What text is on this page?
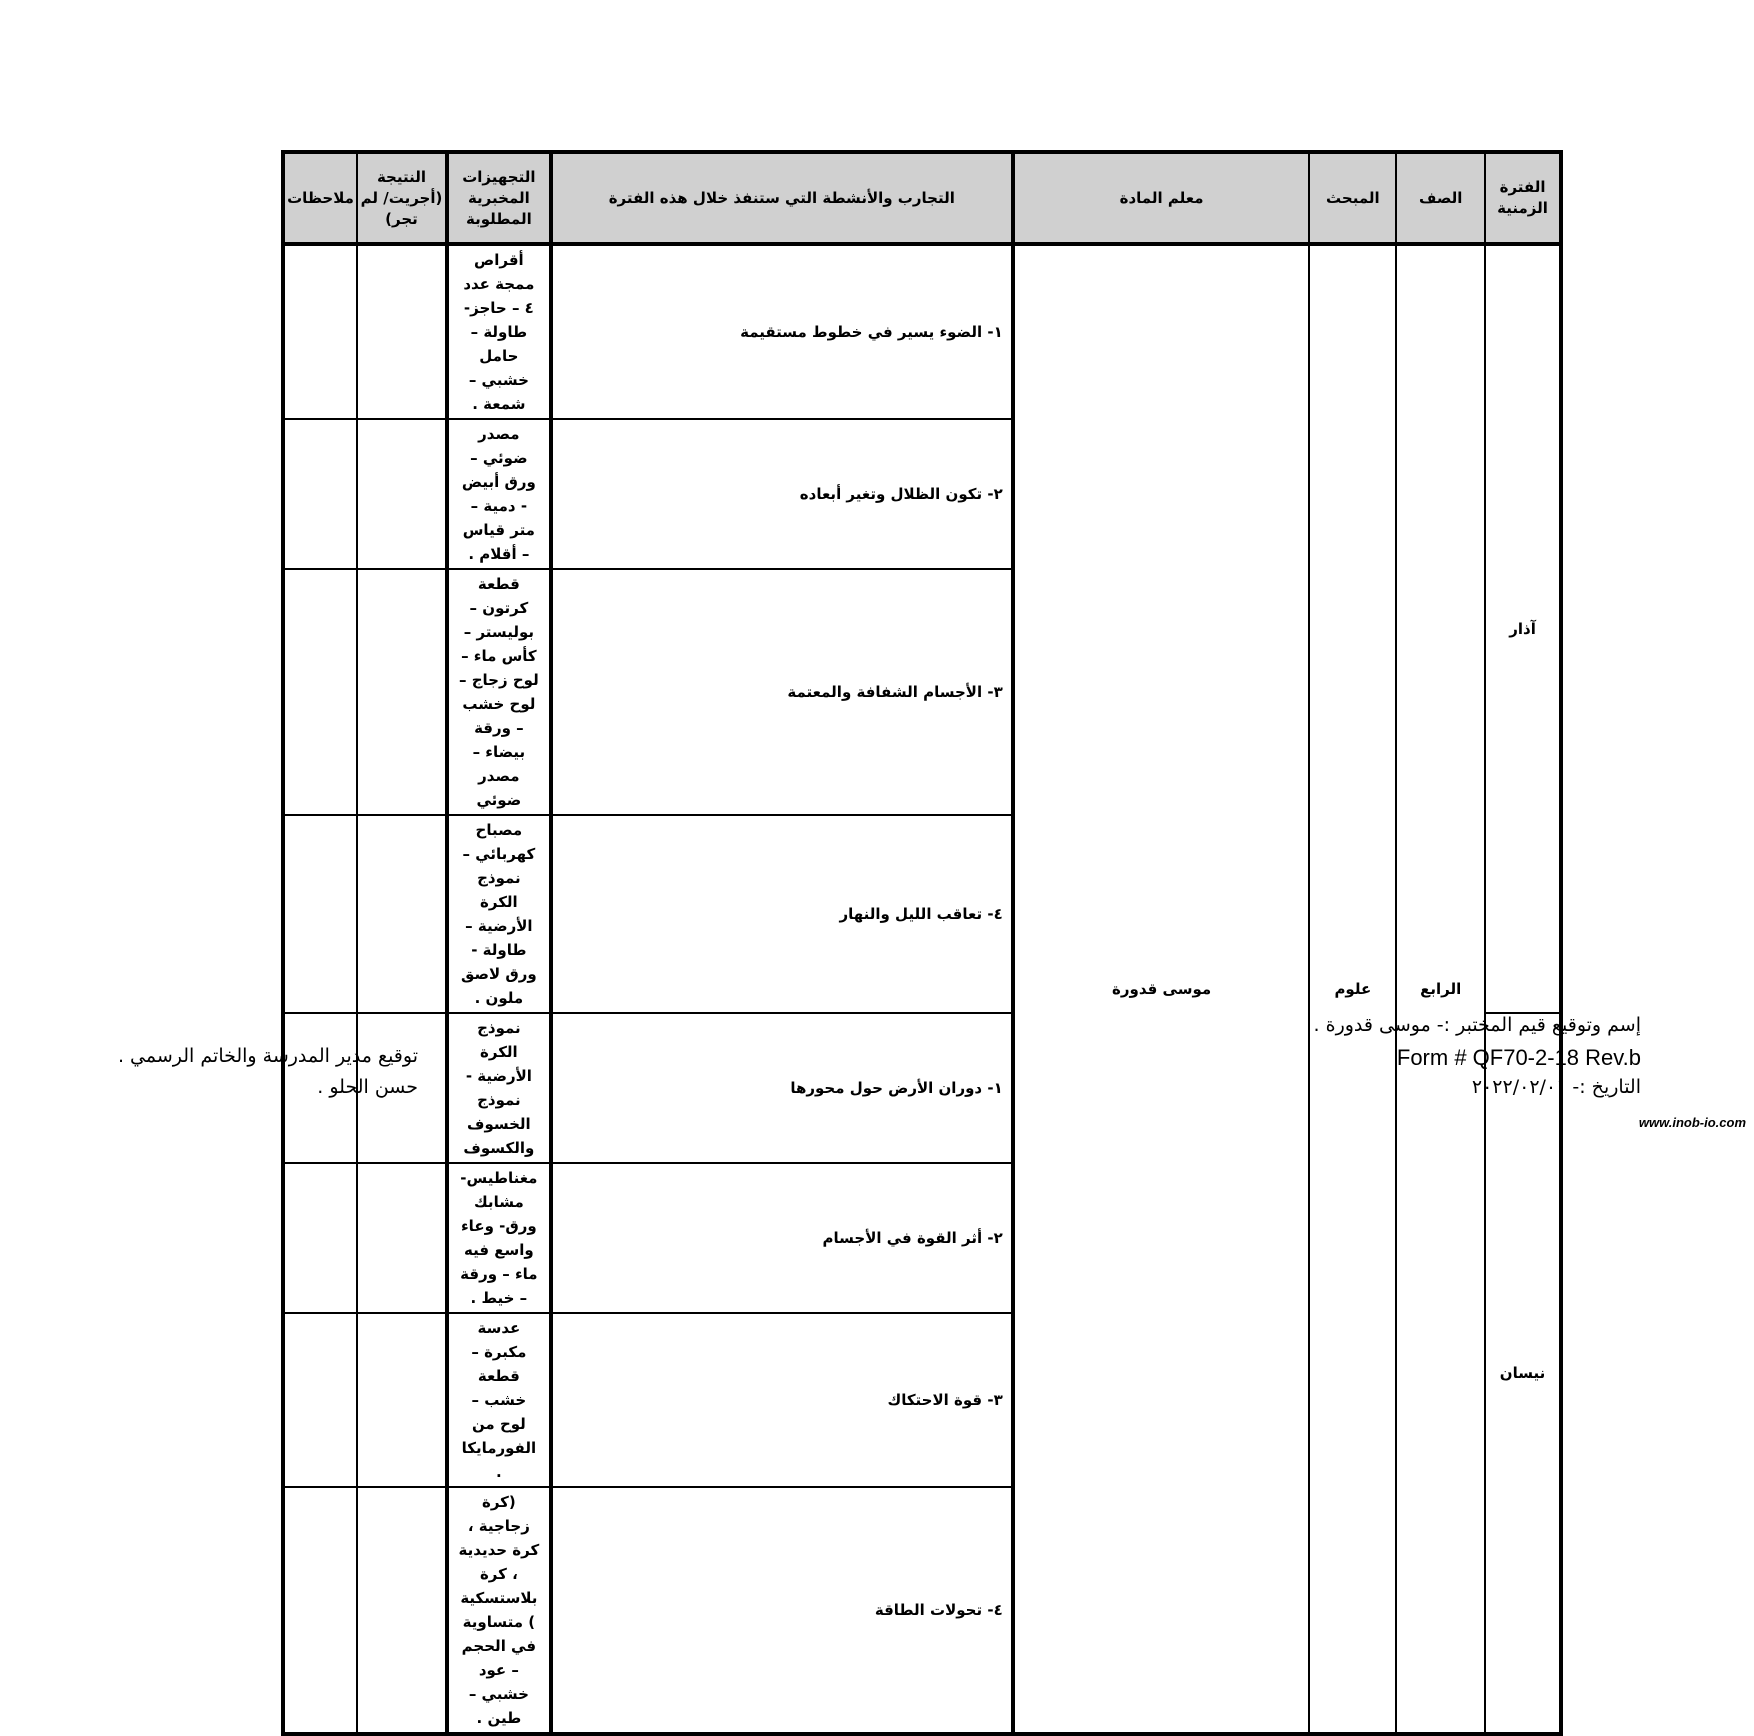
الفترة الزمنية	الصف	المبحث	معلم المادة	التجارب والأنشطة التي ستنفذ خلال هذه الفترة	التجهيزات المخبرية المطلوبة	النتيجة (أجريت/ لم تجر)	ملاحظات
آذار	الرابع	علوم	موسى قدورة	١- الضوء يسير في خطوط مستقيمة	أقراص ممجة عدد ٤ – حاجز- طاولة – حامل خشبي – شمعة .		
				٢- تكون الظلال وتغير أبعاده	مصدر ضوئي – ورق أبيض - دمية – متر قياس – أقلام .		
				٣- الأجسام الشفافة والمعتمة	قطعة كرتون – بوليستر – كأس ماء – لوح زجاج – لوح خشب – ورقة بيضاء – مصدر ضوئي		
				٤- تعاقب الليل والنهار	مصباح كهربائي – نموذج الكرة الأرضية – طاولة - ورق لاصق ملون .		
نيسان				١- دوران الأرض حول محورها	نموذج الكرة الأرضية - نموذج الخسوف والكسوف		
				٢- أثر القوة في الأجسام	مغناطيس- مشابك ورق- وعاء واسع فيه ماء – ورقة – خيط .		
				٣- قوة الاحتكاك	عدسة مكبرة – قطعة خشب – لوح من الفورمايكا .		
				٤- تحولات الطاقة	(كرة زجاجية ، كرة حديدية ، كرة بلاستسكية ) متساوية في الحجم – عود خشبي – طين .		
إسم وتوقيع قيم المختبر :- موسى قدورة .
Form # QF70-2-18 Rev.b
التاريخ :- ٢٠٢٢/٠٢/٠١
توقيع مدير المدرسة والخاتم الرسمي .
حسن الحلو .
www.inob-io.com
